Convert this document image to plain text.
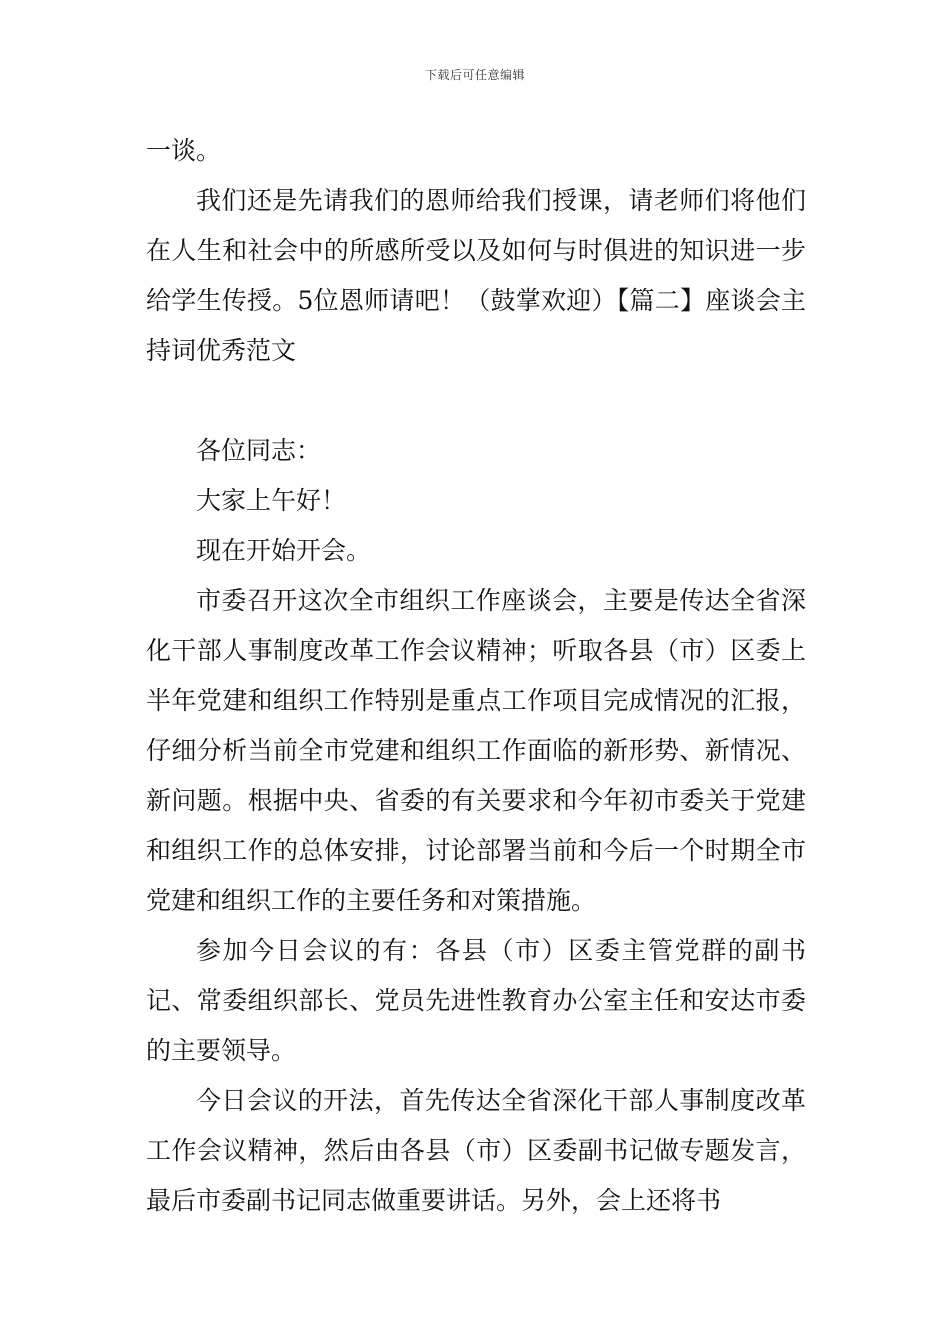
下载后可任意编辑

一谈。

我们还是先请我们的恩师给我们授课，请老师们将他们在人生和社会中的所感所受以及如何与时俱进的知识进一步给学生传授。5位恩师请吧！（鼓掌欢迎）【篇二】座谈会主持词优秀范文

各位同志：

大家上午好！

现在开始开会。

市委召开这次全市组织工作座谈会，主要是传达全省深化干部人事制度改革工作会议精神；听取各县（市）区委上半年党建和组织工作特别是重点工作项目完成情况的汇报，仔细分析当前全市党建和组织工作面临的新形势、新情况、新问题。根据中央、省委的有关要求和今年初市委关于党建和组织工作的总体安排，讨论部署当前和今后一个时期全市党建和组织工作的主要任务和对策措施。

参加今日会议的有：各县（市）区委主管党群的副书记、常委组织部长、党员先进性教育办公室主任和安达市委的主要领导。

今日会议的开法，首先传达全省深化干部人事制度改革工作会议精神，然后由各县（市）区委副书记做专题发言，最后市委副书记同志做重要讲话。另外，会上还将书
